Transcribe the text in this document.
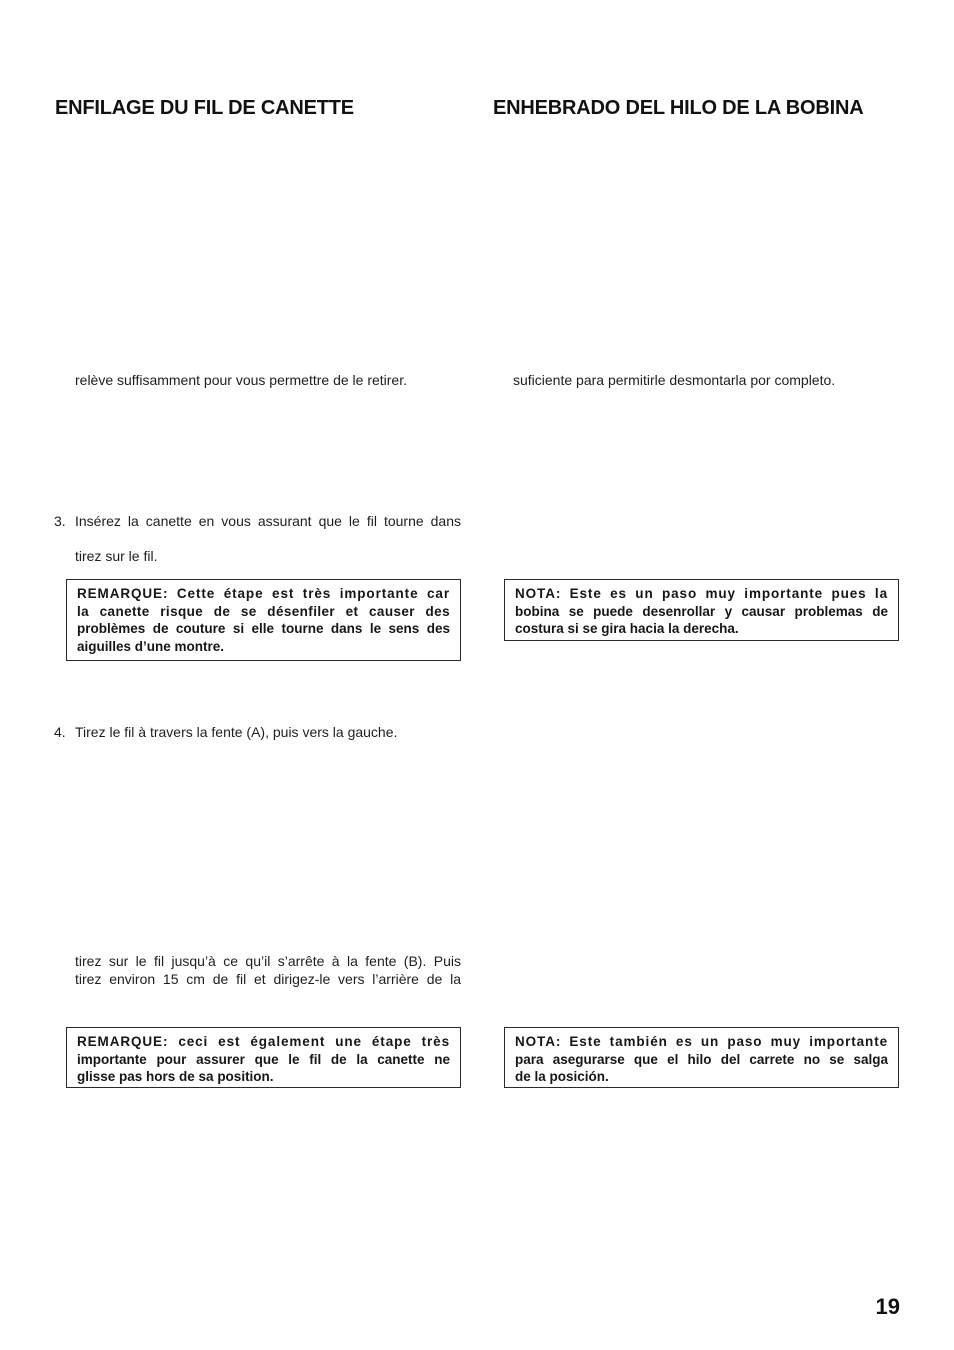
ENFILAGE DU FIL DE CANETTE	ENHEBRADO DEL HILO DE LA BOBINA

relève suffisamment pour vous permettre de le retirer.

3. Insérez la canette en vous assurant que le fil tourne dans

tirez sur le fil.

REMARQUE: Cette étape est très importante car
la canette risque de se désenfiler et causer des
problèmes de couture si elle tourne dans le sens des
aiguilles d’une montre.
4. Tirez le fil à travers la fente (A), puis vers la gauche.

tirez sur le fil jusqu’à ce qu’il s’arrête à la fente (B). Puis

tirez environ 15 cm de fil et dirigez-le vers l’arrière de la

REMARQUE: ceci est également une étape très
importante pour assurer que le fil de la canette ne
glisse pas hors de sa position.

suficiente para permitirle desmontarla por completo.

NOTA: Este es un paso muy importante pues la
bobina se puede desenrollar y causar problemas de
costura si se gira hacia la derecha.
NOTA: Este también es un paso muy importante
para asegurarse que el hilo del carrete no se salga
de la posición.
19
